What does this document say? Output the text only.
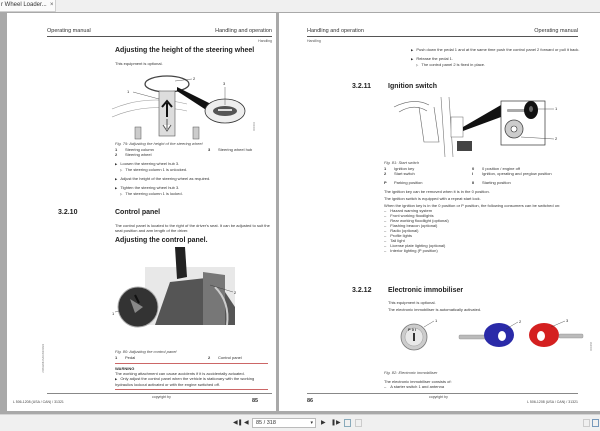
r Wheel Loader... ×
Operating manual	Handling and operation
Handling
Adjusting the height of the steering wheel
This equipment is optional.
1
2
3
I000002
Fig. 79: Adjusting the height of the steering wheel
1 Steering column
2 Steering wheel
3 Steering wheel hub
▶ Loosen the steering wheel hub 3.
▷ The steering column 1 is unlocked.
▶ Adjust the height of the steering wheel as required.
▶ Tighten the steering wheel hub 3.
▷ The steering column 1 is locked.
3.2.10	Control panel
The control panel is located to the right of the driver's seat. It can be adjusted to suit the seat position and arm length of the driver.
Adjusting the control panel.
1
2
Fig. 80: Adjusting the control panel
1 Pedal	2 Control panel
WARNING
The working attachment can cause accidents if it is accidentally actuated.
▶ Only adjust the control panel when the vehicle is stationary with the working hydraulics lockout activated or with the engine switched off.
L5061208USA/CAN31321
copyright by
L 506-1208 (USA / CAN) / 31321	85
Handling and operation	Operating manual
Handling
▶ Push down the pedal 1 and at the same time push the control panel 2 forward or pull it back.
▶ Release the pedal 1.
▷ The control panel 2 is fixed in place.
3.2.11 Ignition switch
1
2
Fig. 81: Start switch
1 Ignition key
2 Start switch
P Parking position
0 0 position / engine off
I Ignition, operating and preglow position
II Starting position
The ignition key can be removed when it is in the 0 position.
The ignition switch is equipped with a repeat start lock.
When the ignition key is in the 0 position or P position, the following consumers can be switched on:
– Hazard warning system
– Front working floodlights
– Rear working floodlight (optional)
– Flashing beacon (optional)
– Radio (optional)
– Profile lights
– Tail light
– License plate lighting (optional)
– Interior lighting (P position)
3.2.12 Electronic immobiliser
This equipment is optional.
The electronic immobiliser is automatically activated.
P 0 I
1	2	3
I000456
Fig. 82: Electronic immobiliser
The electronic immobiliser consists of:
– A starter switch 1 and antenna
copyright by
86	L 506-1208 (USA / CAN) / 31321
◀❚ ◀	85 / 318	▾ ▶ ❚▶
